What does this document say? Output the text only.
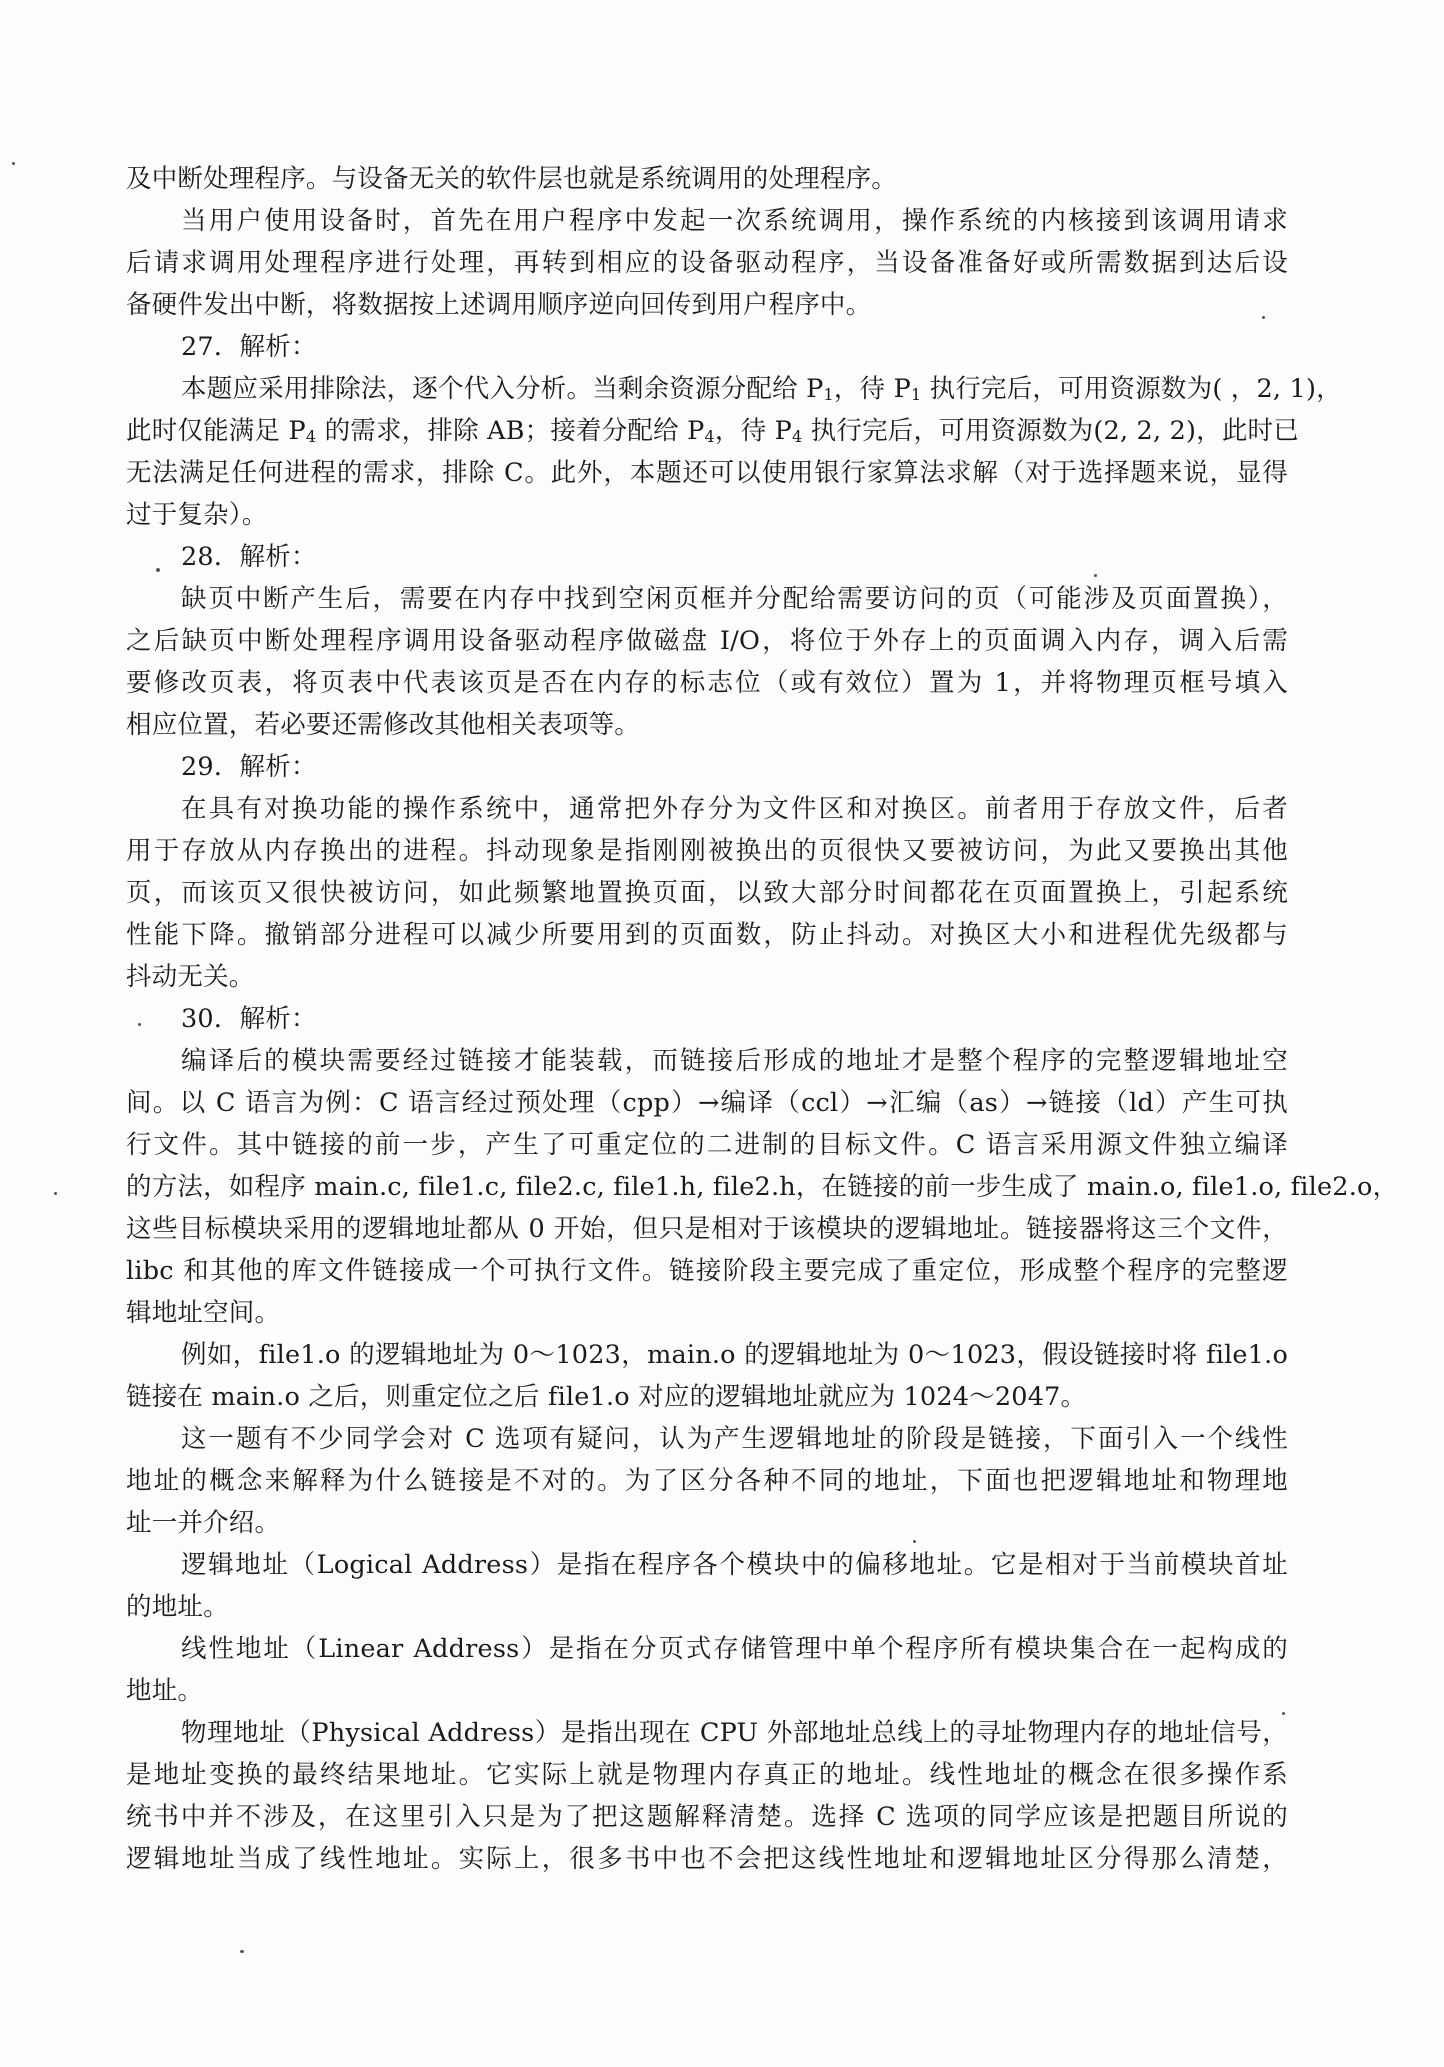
及中断处理程序。与设备无关的软件层也就是系统调用的处理程序。
当用户使用设备时，首先在用户程序中发起一次系统调用，操作系统的内核接到该调用请求
后请求调用处理程序进行处理，再转到相应的设备驱动程序，当设备准备好或所需数据到达后设
备硬件发出中断，将数据按上述调用顺序逆向回传到用户程序中。
27．解析：
本题应采用排除法，逐个代入分析。当剩余资源分配给 $P_1$，待 $P_1$ 执行完后，可用资源数为( ，2, 1)，
此时仅能满足 $P_4$ 的需求，排除 AB；接着分配给 $P_4$，待 $P_4$ 执行完后，可用资源数为(2, 2, 2)，此时已
无法满足任何进程的需求，排除 C。此外，本题还可以使用银行家算法求解（对于选择题来说，显得
过于复杂）。
28．解析：
缺页中断产生后，需要在内存中找到空闲页框并分配给需要访问的页（可能涉及页面置换），
之后缺页中断处理程序调用设备驱动程序做磁盘 I/O，将位于外存上的页面调入内存，调入后需
要修改页表，将页表中代表该页是否在内存的标志位（或有效位）置为 1，并将物理页框号填入
相应位置，若必要还需修改其他相关表项等。
29．解析：
在具有对换功能的操作系统中，通常把外存分为文件区和对换区。前者用于存放文件，后者
用于存放从内存换出的进程。抖动现象是指刚刚被换出的页很快又要被访问，为此又要换出其他
页，而该页又很快被访问，如此频繁地置换页面，以致大部分时间都花在页面置换上，引起系统
性能下降。撤销部分进程可以减少所要用到的页面数，防止抖动。对换区大小和进程优先级都与
抖动无关。
30．解析：
编译后的模块需要经过链接才能装载，而链接后形成的地址才是整个程序的完整逻辑地址空
间。以 C 语言为例：C 语言经过预处理（cpp）→编译（ccl）→汇编（as）→链接（ld）产生可执
行文件。其中链接的前一步，产生了可重定位的二进制的目标文件。C 语言采用源文件独立编译
的方法，如程序 main.c, file1.c, file2.c, file1.h, file2.h，在链接的前一步生成了 main.o, file1.o, file2.o，
这些目标模块采用的逻辑地址都从 0 开始，但只是相对于该模块的逻辑地址。链接器将这三个文件，
libc 和其他的库文件链接成一个可执行文件。链接阶段主要完成了重定位，形成整个程序的完整逻
辑地址空间。
例如，file1.o 的逻辑地址为 0～1023，main.o 的逻辑地址为 0～1023，假设链接时将 file1.o
链接在 main.o 之后，则重定位之后 file1.o 对应的逻辑地址就应为 1024～2047。
这一题有不少同学会对 C 选项有疑问，认为产生逻辑地址的阶段是链接，下面引入一个线性
地址的概念来解释为什么链接是不对的。为了区分各种不同的地址，下面也把逻辑地址和物理地
址一并介绍。
逻辑地址（Logical Address）是指在程序各个模块中的偏移地址。它是相对于当前模块首址
的地址。
线性地址（Linear Address）是指在分页式存储管理中单个程序所有模块集合在一起构成的
地址。
物理地址（Physical Address）是指出现在 CPU 外部地址总线上的寻址物理内存的地址信号，
是地址变换的最终结果地址。它实际上就是物理内存真正的地址。线性地址的概念在很多操作系
统书中并不涉及，在这里引入只是为了把这题解释清楚。选择 C 选项的同学应该是把题目所说的
逻辑地址当成了线性地址。实际上，很多书中也不会把这线性地址和逻辑地址区分得那么清楚，
